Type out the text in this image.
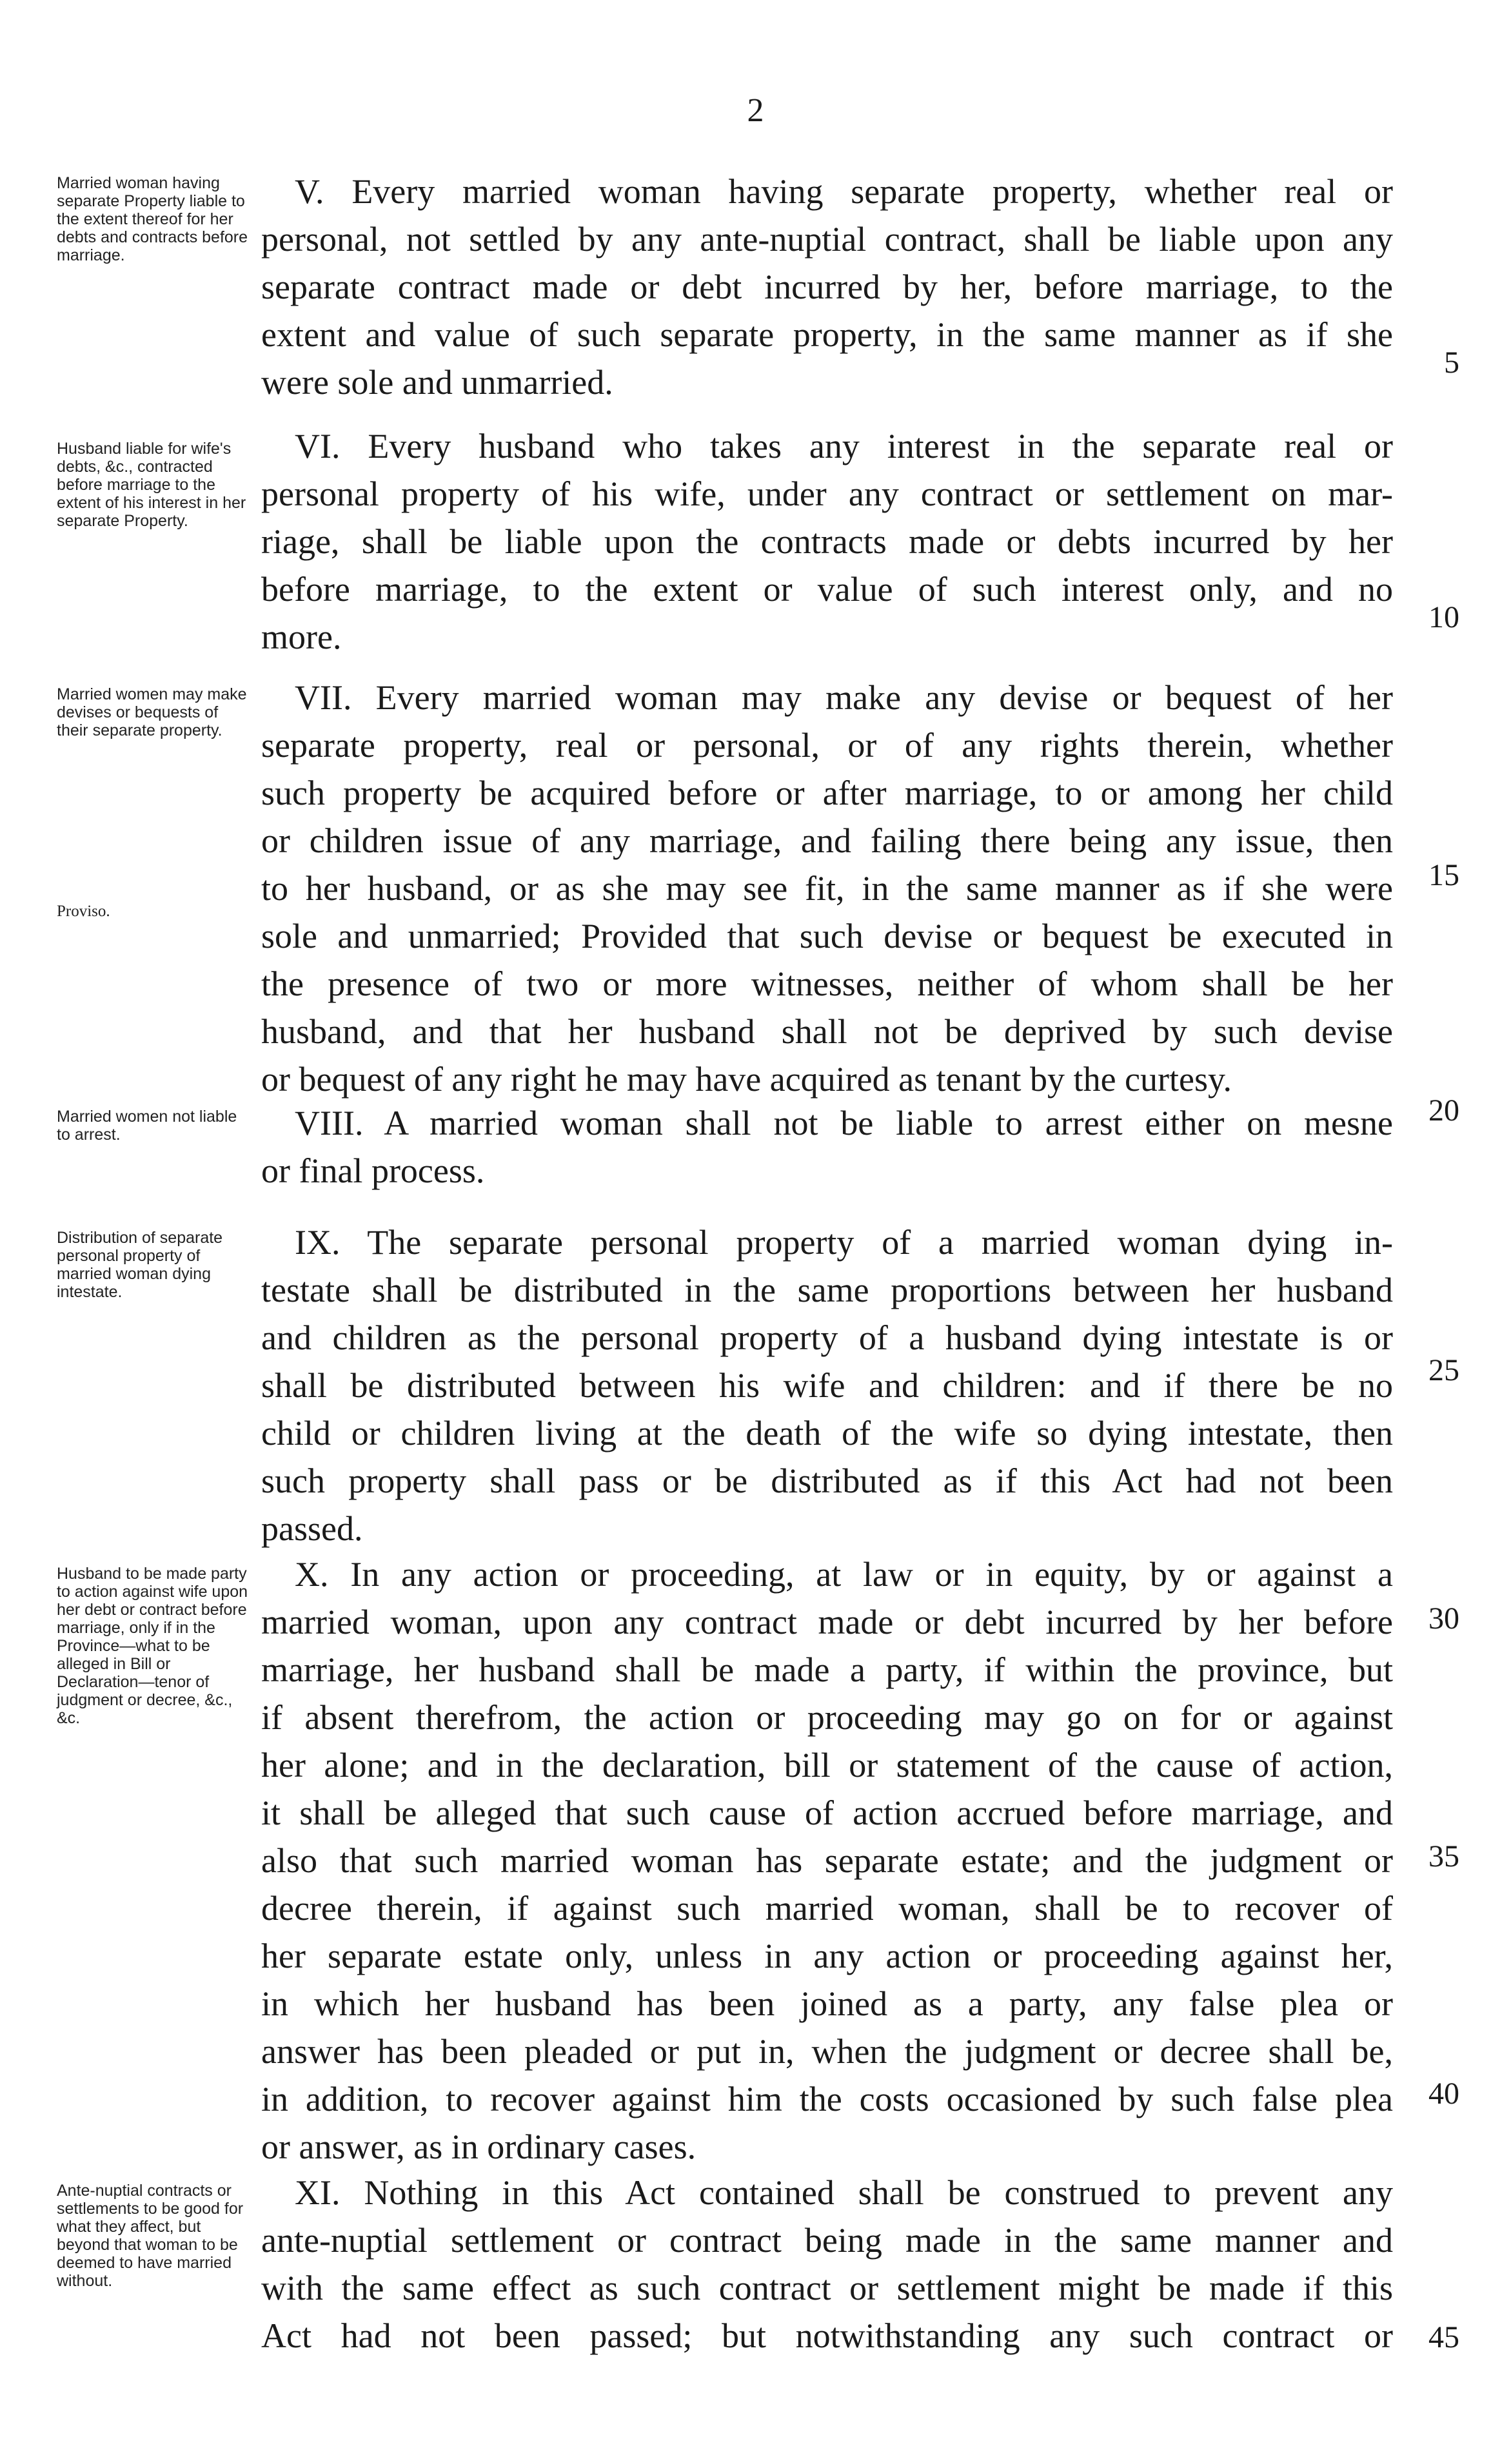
2
Married woman having separate Property liable to the extent thereof for her debts and contracts before marriage.
V. Every married woman having separate property, whether real or
personal, not settled by any ante-nuptial contract, shall be liable upon any
separate contract made or debt incurred by her, before marriage, to the
extent and value of such separate property, in the same manner as if she
were sole and unmarried.
5
Husband liable for wife's debts, &c., contracted before marriage to the extent of his interest in her separate Property.
VI. Every husband who takes any interest in the separate real or
personal property of his wife, under any contract or settlement on mar-
riage, shall be liable upon the contracts made or debts incurred by her
before marriage, to the extent or value of such interest only, and no
more.
10
Married women may make devises or bequests of their separate property.
Proviso.
VII. Every married woman may make any devise or bequest of her
separate property, real or personal, or of any rights therein, whether
such property be acquired before or after marriage, to or among her child
or children issue of any marriage, and failing there being any issue, then
to her husband, or as she may see fit, in the same manner as if she were
sole and unmarried; Provided that such devise or bequest be executed in
the presence of two or more witnesses, neither of whom shall be her
husband, and that her husband shall not be deprived by such devise
or bequest of any right he may have acquired as tenant by the curtesy.
15
Married women not liable to arrest.	VIII. A married woman shall not be liable to arrest either on mesne
or final process.
20
Distribution of separate personal property of married woman dying intestate.
IX. The separate personal property of a married woman dying in-
testate shall be distributed in the same proportions between her husband
and children as the personal property of a husband dying intestate is or
shall be distributed between his wife and children: and if there be no
child or children living at the death of the wife so dying intestate, then
such property shall pass or be distributed as if this Act had not been
passed.
25
Husband to be made party to action against wife upon her debt or contract before marriage, only if in the Province—what to be alleged in Bill or Declaration—tenor of judgment or decree, &c., &c.
X. In any action or proceeding, at law or in equity, by or against a
married woman, upon any contract made or debt incurred by her before
marriage, her husband shall be made a party, if within the province, but
if absent therefrom, the action or proceeding may go on for or against
her alone; and in the declaration, bill or statement of the cause of action,
it shall be alleged that such cause of action accrued before marriage, and
also that such married woman has separate estate; and the judgment or
decree therein, if against such married woman, shall be to recover of
her separate estate only, unless in any action or proceeding against her,
in which her husband has been joined as a party, any false plea or
answer has been pleaded or put in, when the judgment or decree shall be,
in addition, to recover against him the costs occasioned by such false plea
or answer, as in ordinary cases.
30
35
40
Ante-nuptial contracts or settlements to be good for what they affect, but beyond that woman to be deemed to have married without.
XI. Nothing in this Act contained shall be construed to prevent any
ante-nuptial settlement or contract being made in the same manner and
with the same effect as such contract or settlement might be made if this
Act had not been passed; but notwithstanding any such contract or	45
